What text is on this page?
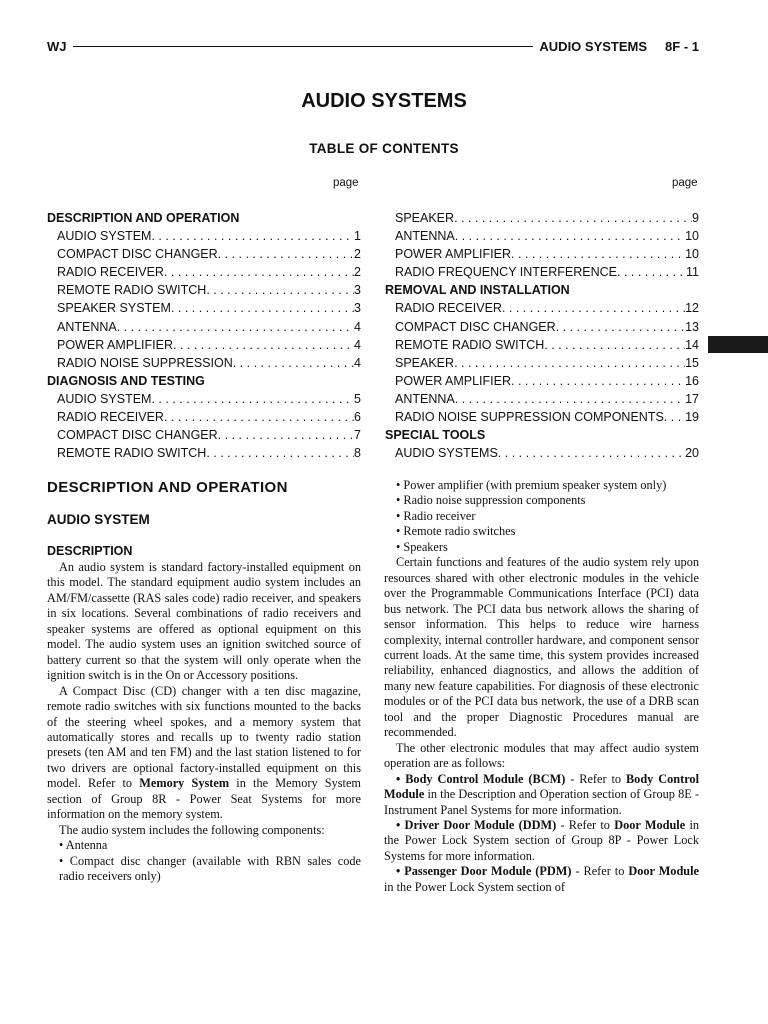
WJ	AUDIO SYSTEMS 8F - 1
AUDIO SYSTEMS
TABLE OF CONTENTS
page	page
DESCRIPTION AND OPERATION
AUDIO SYSTEM . . .	1
COMPACT DISC CHANGER . . .	2
RADIO RECEIVER . . .	2
REMOTE RADIO SWITCH . . .	3
SPEAKER SYSTEM . . .	3
ANTENNA . . .	4
POWER AMPLIFIER . . .	4
RADIO NOISE SUPPRESSION . . .	4
DIAGNOSIS AND TESTING
AUDIO SYSTEM . . .	5
RADIO RECEIVER . . .	6
COMPACT DISC CHANGER . . .	7
REMOTE RADIO SWITCH . . .	8
SPEAKER . . .	9
ANTENNA . . .	10
POWER AMPLIFIER . . .	10
RADIO FREQUENCY INTERFERENCE . . .	11
REMOVAL AND INSTALLATION
RADIO RECEIVER . . .	12
COMPACT DISC CHANGER . . .	13
REMOTE RADIO SWITCH . . .	14
SPEAKER . . .	15
POWER AMPLIFIER . . .	16
ANTENNA . . .	17
RADIO NOISE SUPPRESSION COMPONENTS . . . 19
SPECIAL TOOLS
AUDIO SYSTEMS . . .	20
DESCRIPTION AND OPERATION
AUDIO SYSTEM
DESCRIPTION

An audio system is standard factory-installed equipment on this model. The standard equipment audio system includes an AM/FM/cassette (RAS sales code) radio receiver, and speakers in six locations. Several combinations of radio receivers and speaker systems are offered as optional equipment on this model. The audio system uses an ignition switched source of battery current so that the system will only operate when the ignition switch is in the On or Accessory positions.

A Compact Disc (CD) changer with a ten disc magazine, remote radio switches with six functions mounted to the backs of the steering wheel spokes, and a memory system that automatically stores and recalls up to twenty radio station presets (ten AM and ten FM) and the last station listened to for two drivers are optional factory-installed equipment on this model. Refer to Memory System in the Memory System section of Group 8R - Power Seat Systems for more information on the memory system.

The audio system includes the following components:

• Antenna

• Compact disc changer (available with RBN sales code radio receivers only)

• Power amplifier (with premium speaker system only)

• Radio noise suppression components

• Radio receiver

• Remote radio switches

• Speakers

Certain functions and features of the audio system rely upon resources shared with other electronic modules in the vehicle over the Programmable Communications Interface (PCI) data bus network. The PCI data bus network allows the sharing of sensor information. This helps to reduce wire harness complexity, internal controller hardware, and component sensor current loads. At the same time, this system provides increased reliability, enhanced diagnostics, and allows the addition of many new feature capabilities. For diagnosis of these electronic modules or of the PCI data bus network, the use of a DRB scan tool and the proper Diagnostic Procedures manual are recommended.

The other electronic modules that may affect audio system operation are as follows:

• Body Control Module (BCM) - Refer to Body Control Module in the Description and Operation section of Group 8E - Instrument Panel Systems for more information.

• Driver Door Module (DDM) - Refer to Door Module in the Power Lock System section of Group 8P - Power Lock Systems for more information.

• Passenger Door Module (PDM) - Refer to Door Module in the Power Lock System section of
